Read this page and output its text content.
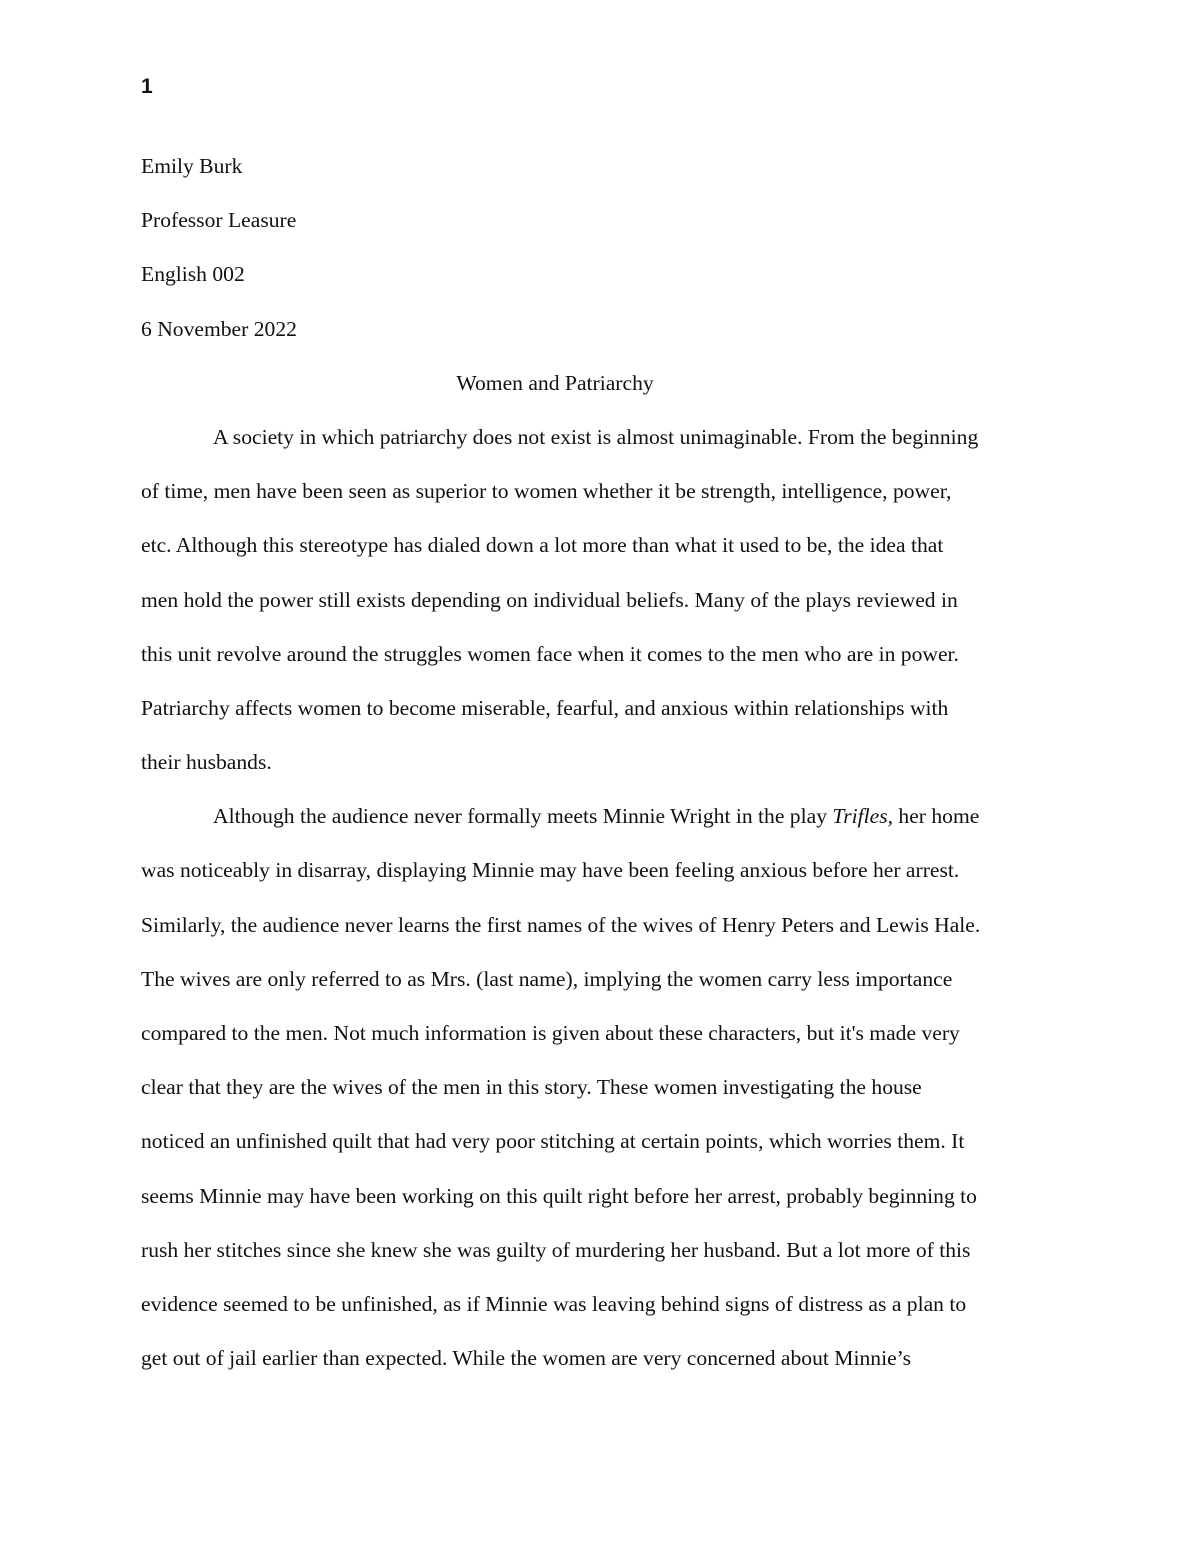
1
Emily Burk
Professor Leasure
English 002
6 November 2022
Women and Patriarchy
A society in which patriarchy does not exist is almost unimaginable. From the beginning
of time, men have been seen as superior to women whether it be strength, intelligence, power,
etc. Although this stereotype has dialed down a lot more than what it used to be, the idea that
men hold the power still exists depending on individual beliefs. Many of the plays reviewed in
this unit revolve around the struggles women face when it comes to the men who are in power.
Patriarchy affects women to become miserable, fearful, and anxious within relationships with
their husbands.
Although the audience never formally meets Minnie Wright in the play Trifles, her home
was noticeably in disarray, displaying Minnie may have been feeling anxious before her arrest.
Similarly, the audience never learns the first names of the wives of Henry Peters and Lewis Hale.
The wives are only referred to as Mrs. (last name), implying the women carry less importance
compared to the men. Not much information is given about these characters, but it's made very
clear that they are the wives of the men in this story. These women investigating the house
noticed an unfinished quilt that had very poor stitching at certain points, which worries them. It
seems Minnie may have been working on this quilt right before her arrest, probably beginning to
rush her stitches since she knew she was guilty of murdering her husband. But a lot more of this
evidence seemed to be unfinished, as if Minnie was leaving behind signs of distress as a plan to
get out of jail earlier than expected. While the women are very concerned about Minnie’s
